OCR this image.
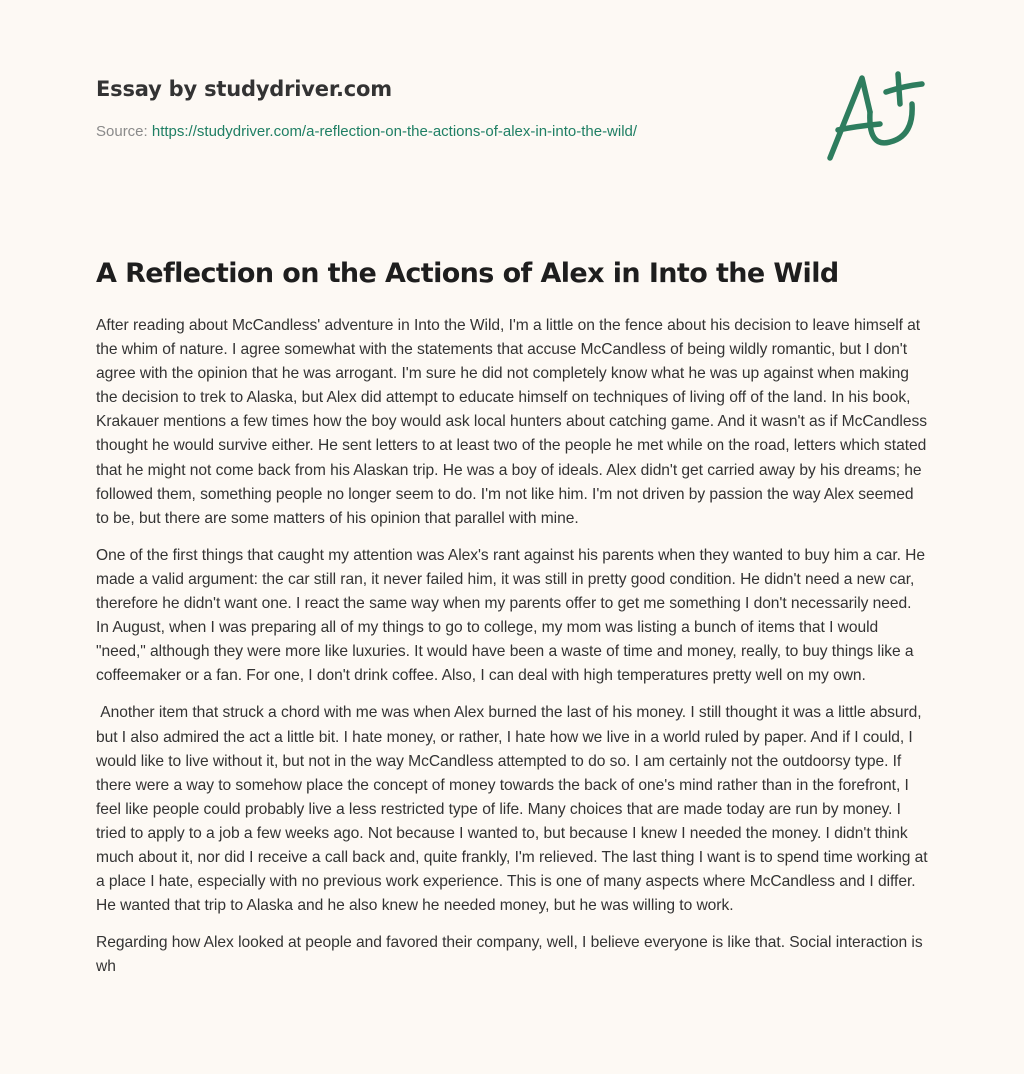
Essay by studydriver.com
Source: https://studydriver.com/a-reflection-on-the-actions-of-alex-in-into-the-wild/
A Reflection on the Actions of Alex in Into the Wild

After reading about McCandless' adventure in Into the Wild, I'm a little on the fence about his decision to leave himself at the whim of nature. I agree somewhat with the statements that accuse McCandless of being wildly romantic, but I don't agree with the opinion that he was arrogant. I'm sure he did not completely know what he was up against when making the decision to trek to Alaska, but Alex did attempt to educate himself on techniques of living off of the land. In his book, Krakauer mentions a few times how the boy would ask local hunters about catching game. And it wasn't as if McCandless thought he would survive either. He sent letters to at least two of the people he met while on the road, letters which stated that he might not come back from his Alaskan trip. He was a boy of ideals. Alex didn't get carried away by his dreams; he followed them, something people no longer seem to do. I'm not like him. I'm not driven by passion the way Alex seemed to be, but there are some matters of his opinion that parallel with mine.

One of the first things that caught my attention was Alex's rant against his parents when they wanted to buy him a car. He made a valid argument: the car still ran, it never failed him, it was still in pretty good condition. He didn't need a new car, therefore he didn't want one. I react the same way when my parents offer to get me something I don't necessarily need. In August, when I was preparing all of my things to go to college, my mom was listing a bunch of items that I would "need," although they were more like luxuries. It would have been a waste of time and money, really, to buy things like a coffeemaker or a fan. For one, I don't drink coffee. Also, I can deal with high temperatures pretty well on my own.

Another item that struck a chord with me was when Alex burned the last of his money. I still thought it was a little absurd, but I also admired the act a little bit. I hate money, or rather, I hate how we live in a world ruled by paper. And if I could, I would like to live without it, but not in the way McCandless attempted to do so. I am certainly not the outdoorsy type. If there were a way to somehow place the concept of money towards the back of one's mind rather than in the forefront, I feel like people could probably live a less restricted type of life. Many choices that are made today are run by money. I tried to apply to a job a few weeks ago. Not because I wanted to, but because I knew I needed the money. I didn't think much about it, nor did I receive a call back and, quite frankly, I'm relieved. The last thing I want is to spend time working at a place I hate, especially with no previous work experience. This is one of many aspects where McCandless and I differ. He wanted that trip to Alaska and he also knew he needed money, but he was willing to work.

Regarding how Alex looked at people and favored their company, well, I believe everyone is like that. Social interaction is wh
